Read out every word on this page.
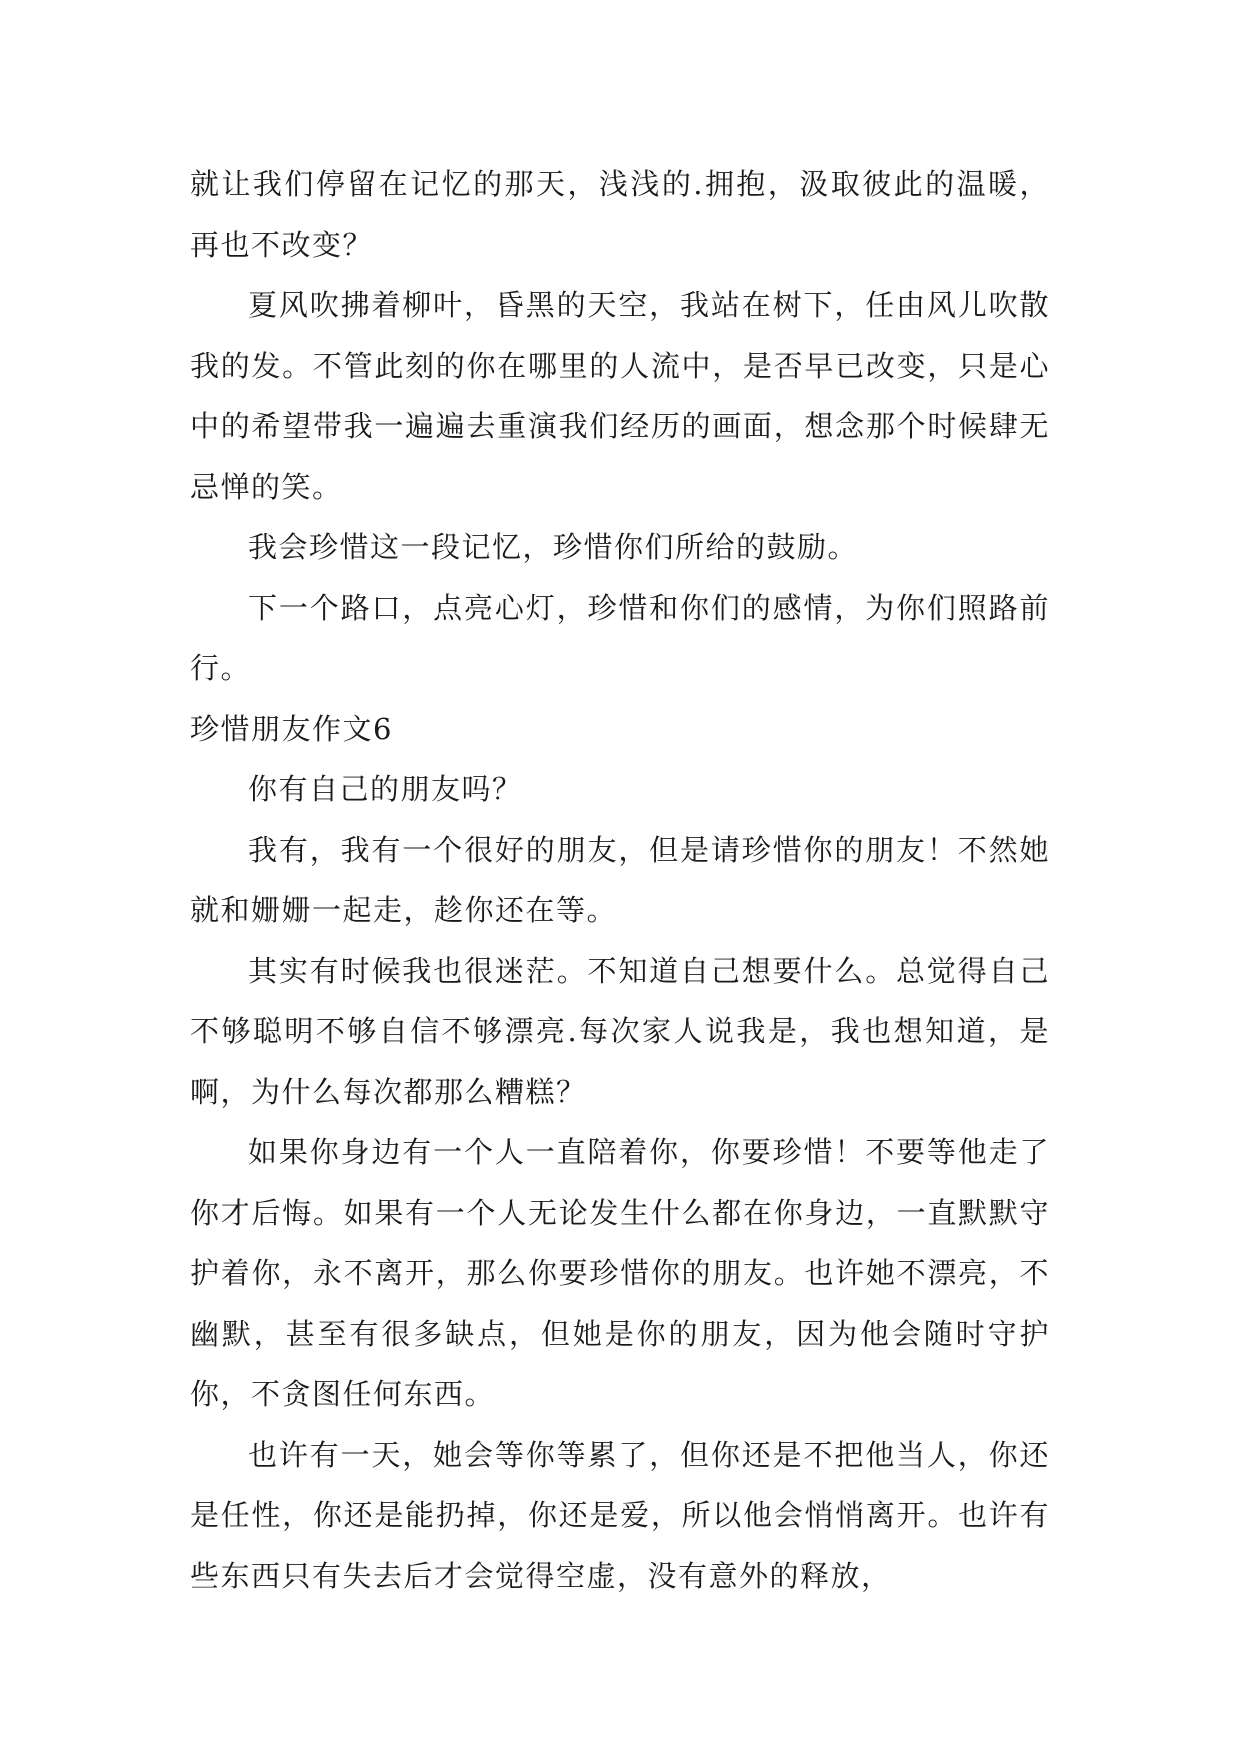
就让我们停留在记忆的那天，浅浅的.拥抱，汲取彼此的温暖，再也不改变？

夏风吹拂着柳叶，昏黑的天空，我站在树下，任由风儿吹散我的发。不管此刻的你在哪里的人流中，是否早已改变，只是心中的希望带我一遍遍去重演我们经历的画面，想念那个时候肆无忌惮的笑。

我会珍惜这一段记忆，珍惜你们所给的鼓励。

下一个路口，点亮心灯，珍惜和你们的感情，为你们照路前行。

珍惜朋友作文6

你有自己的朋友吗？

我有，我有一个很好的朋友，但是请珍惜你的朋友！不然她就和姗姗一起走，趁你还在等。

其实有时候我也很迷茫。不知道自己想要什么。总觉得自己不够聪明不够自信不够漂亮.每次家人说我是，我也想知道，是啊，为什么每次都那么糟糕？

如果你身边有一个人一直陪着你，你要珍惜！不要等他走了你才后悔。如果有一个人无论发生什么都在你身边，一直默默守护着你，永不离开，那么你要珍惜你的朋友。也许她不漂亮，不幽默，甚至有很多缺点，但她是你的朋友，因为他会随时守护你，不贪图任何东西。

也许有一天，她会等你等累了，但你还是不把他当人，你还是任性，你还是能扔掉，你还是爱，所以他会悄悄离开。也许有些东西只有失去后才会觉得空虚，没有意外的释放，
